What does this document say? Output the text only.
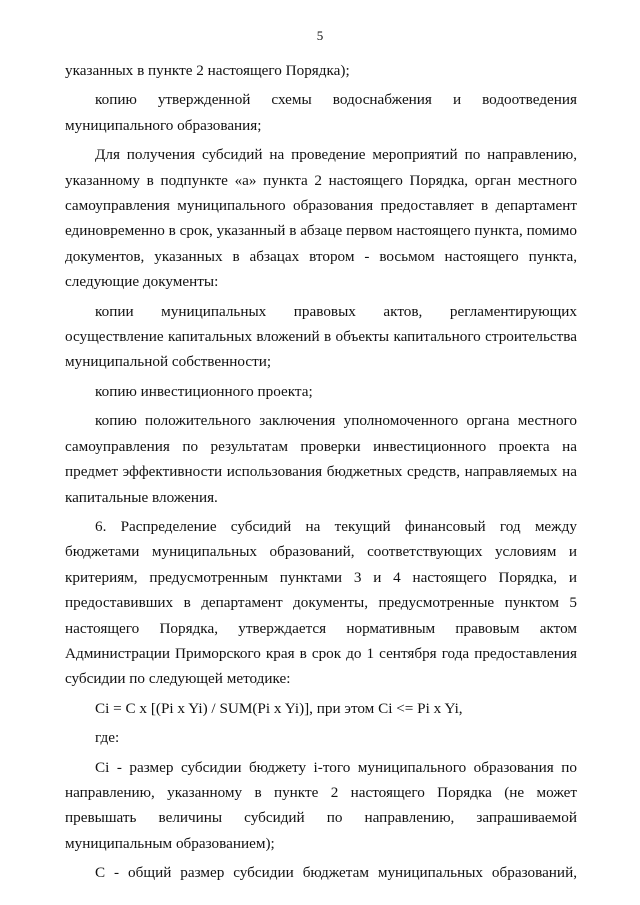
5

указанных в пункте 2 настоящего Порядка);

копию утвержденной схемы водоснабжения и водоотведения муниципального образования;

Для получения субсидий на проведение мероприятий по направлению, указанному в подпункте «а» пункта 2 настоящего Порядка, орган местного самоуправления муниципального образования предоставляет в департамент единовременно в срок, указанный в абзаце первом настоящего пункта, помимо документов, указанных в абзацах втором - восьмом настоящего пункта, следующие документы:

копии муниципальных правовых актов, регламентирующих осуществление капитальных вложений в объекты капитального строительства муниципальной собственности;

копию инвестиционного проекта;

копию положительного заключения уполномоченного органа местного самоуправления по результатам проверки инвестиционного проекта на предмет эффективности использования бюджетных средств, направляемых на капитальные вложения.

6. Распределение субсидий на текущий финансовый год между бюджетами муниципальных образований, соответствующих условиям и критериям, предусмотренным пунктами 3 и 4 настоящего Порядка, и предоставивших в департамент документы, предусмотренные пунктом 5 настоящего Порядка, утверждается нормативным правовым актом Администрации Приморского края в срок до 1 сентября года предоставления субсидии по следующей методике:

Ci = C x [(Pi x Yi) / SUM(Pi x Yi)], при этом Ci <= Pi x Yi,

где:

Ci - размер субсидии бюджету i-того муниципального образования по направлению, указанному в пункте 2 настоящего Порядка (не может превышать величины субсидий по направлению, запрашиваемой муниципальным образованием);

C - общий размер субсидии бюджетам муниципальных образований,
